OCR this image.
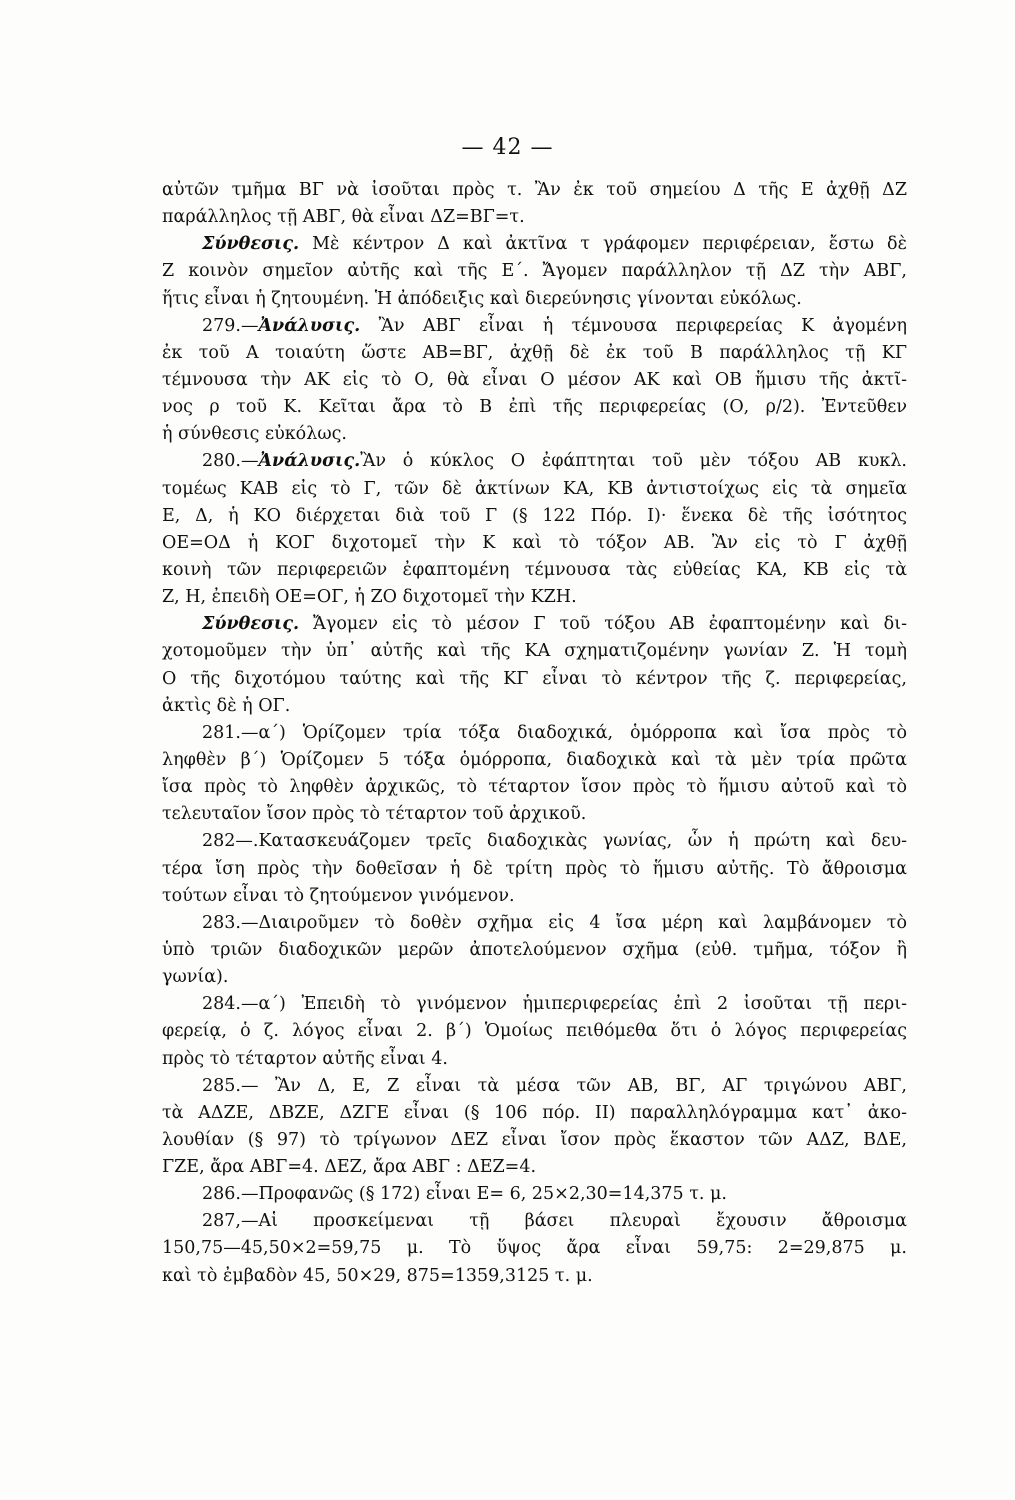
— 42 —
αὐτῶν τμῆμα ΒΓ νὰ ἰσοῦται πρὸς τ. Ἂν ἐκ τοῦ σημείου Δ τῆς Ε ἀχθῇ ΔΖ
παράλληλος τῇ ΑΒΓ, θὰ εἶναι ΔΖ=ΒΓ=τ.
Σύνθεσις. Μὲ κέντρον Δ καὶ ἀκτῖνα τ γράφομεν περιφέρειαν, ἔστω δὲ
Ζ κοινὸν σημεῖον αὐτῆς καὶ τῆς Ε΄. Ἄγομεν παράλληλον τῇ ΔΖ τὴν ΑΒΓ,
ἥτις εἶναι ἡ ζητουμένη. Ἡ ἀπόδειξις καὶ διερεύνησις γίνονται εὐκόλως.
279.—Ἀνάλυσις. Ἂν ΑΒΓ εἶναι ἡ τέμνουσα περιφερείας Κ ἀγομένη
ἐκ τοῦ Α τοιαύτη ὥστε ΑΒ=ΒΓ, ἀχθῇ δὲ ἐκ τοῦ Β παράλληλος τῇ ΚΓ
τέμνουσα τὴν ΑΚ εἰς τὸ Ο, θὰ εἶναι Ο μέσον ΑΚ καὶ ΟΒ ἥμισυ τῆς ἀκτῖ-
νος ρ τοῦ Κ. Κεῖται ἄρα τὸ Β ἐπὶ τῆς περιφερείας (Ο, ρ/2). Ἐντεῦθεν
ἡ σύνθεσις εὐκόλως.
280.—Ἀνάλυσις.Ἂν ὁ κύκλος Ο ἐφάπτηται τοῦ μὲν τόξου ΑΒ κυκλ.
τομέως ΚΑΒ εἰς τὸ Γ, τῶν δὲ ἀκτίνων ΚΑ, ΚΒ ἀντιστοίχως εἰς τὰ σημεῖα
Ε, Δ, ἡ ΚΟ διέρχεται διὰ τοῦ Γ (§ 122 Πόρ. Ι)· ἕνεκα δὲ τῆς ἰσότητος
ΟΕ=ΟΔ ἡ ΚΟΓ διχοτομεῖ τὴν Κ καὶ τὸ τόξον ΑΒ. Ἂν εἰς τὸ Γ ἀχθῇ
κοινὴ τῶν περιφερειῶν ἐφαπτομένη τέμνουσα τὰς εὐθείας ΚΑ, ΚΒ εἰς τὰ
Ζ, Η, ἐπειδὴ ΟΕ=ΟΓ, ἡ ΖΟ διχοτομεῖ τὴν ΚΖΗ.
Σύνθεσις. Ἄγομεν εἰς τὸ μέσον Γ τοῦ τόξου ΑΒ ἐφαπτομένην καὶ δι-
χοτομοῦμεν τὴν ὑπ᾽ αὐτῆς καὶ τῆς ΚΑ σχηματιζομένην γωνίαν Ζ. Ἡ τομὴ
Ο τῆς διχοτόμου ταύτης καὶ τῆς ΚΓ εἶναι τὸ κέντρον τῆς ζ. περιφερείας,
ἀκτὶς δὲ ἡ ΟΓ.
281.—α΄) Ὁρίζομεν τρία τόξα διαδοχικά, ὁμόρροπα καὶ ἴσα πρὸς τὸ
ληφθὲν β΄) Ὁρίζομεν 5 τόξα ὁμόρροπα, διαδοχικὰ καὶ τὰ μὲν τρία πρῶτα
ἴσα πρὸς τὸ ληφθὲν ἀρχικῶς, τὸ τέταρτον ἴσον πρὸς τὸ ἥμισυ αὐτοῦ καὶ τὸ
τελευταῖον ἴσον πρὸς τὸ τέταρτον τοῦ ἀρχικοῦ.
282—.Κατασκευάζομεν τρεῖς διαδοχικὰς γωνίας, ὧν ἡ πρώτη καὶ δευ-
τέρα ἴση πρὸς τὴν δοθεῖσαν ἡ δὲ τρίτη πρὸς τὸ ἥμισυ αὐτῆς. Τὸ ἄθροισμα
τούτων εἶναι τὸ ζητούμενον γινόμενον.
283.—Διαιροῦμεν τὸ δοθὲν σχῆμα εἰς 4 ἴσα μέρη καὶ λαμβάνομεν τὸ
ὑπὸ τριῶν διαδοχικῶν μερῶν ἀποτελούμενον σχῆμα (εὐθ. τμῆμα, τόξον ἢ
γωνία).
284.—α΄) Ἐπειδὴ τὸ γινόμενον ἡμιπεριφερείας ἐπὶ 2 ἰσοῦται τῇ περι-
φερείᾳ, ὁ ζ. λόγος εἶναι 2. β΄) Ὁμοίως πειθόμεθα ὅτι ὁ λόγος περιφερείας
πρὸς τὸ τέταρτον αὐτῆς εἶναι 4.
285.— Ἂν Δ, Ε, Ζ εἶναι τὰ μέσα τῶν ΑΒ, ΒΓ, ΑΓ τριγώνου ΑΒΓ,
τὰ ΑΔΖΕ, ΔΒΖΕ, ΔΖΓΕ εἶναι (§ 106 πόρ. ΙΙ) παραλληλόγραμμα κατ᾽ ἀκο-
λουθίαν (§ 97) τὸ τρίγωνον ΔΕΖ εἶναι ἴσον πρὸς ἕκαστον τῶν ΑΔΖ, ΒΔΕ,
ΓΖΕ, ἄρα ΑΒΓ=4. ΔΕΖ, ἄρα ΑΒΓ : ΔΕΖ=4.
286.—Προφανῶς (§ 172) εἶναι Ε= 6, 25×2,30=14,375 τ. μ.
287,—Αἱ προσκείμεναι τῇ βάσει πλευραὶ ἔχουσιν ἄθροισμα
150,75—45,50×2=59,75 μ. Τὸ ὕψος ἄρα εἶναι 59,75: 2=29,875 μ.
καὶ τὸ ἐμβαδὸν 45, 50×29, 875=1359,3125 τ. μ.
